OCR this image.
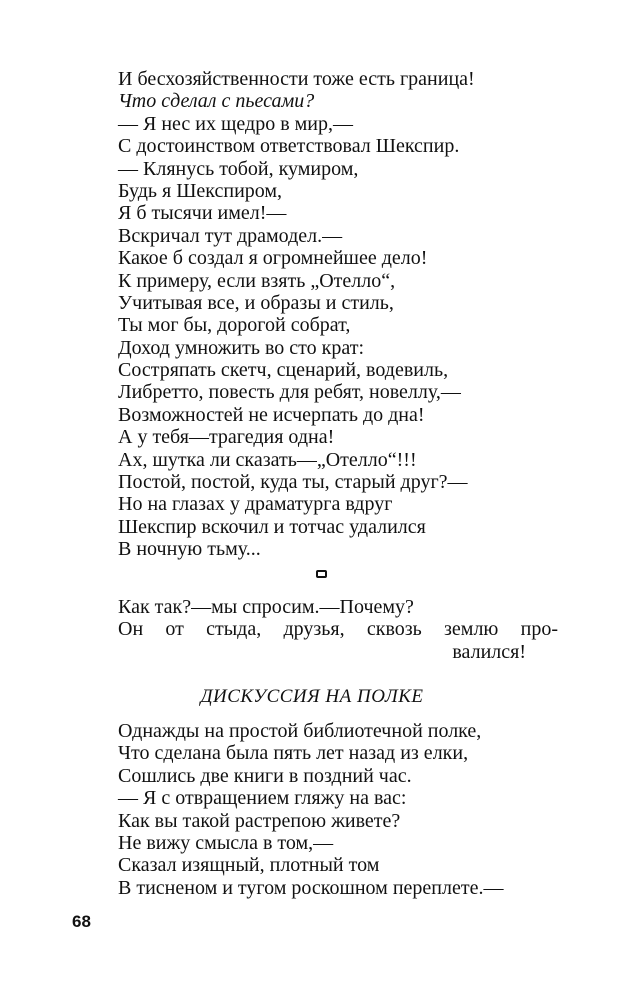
И бесхозяйственности тоже есть граница!
Что сделал с пьесами?
— Я нес их щедро в мир,—
С достоинством ответствовал Шекспир.
— Клянусь тобой, кумиром,
Будь я Шекспиром,
Я б тысячи имел!—
Вскричал тут драмодел.—
Какое б создал я огромнейшее дело!
К примеру, если взять „Отелло“,
Учитывая все, и образы и стиль,
Ты мог бы, дорогой собрат,
Доход умножить во сто крат:
Состряпать скетч, сценарий, водевиль,
Либретто, повесть для ребят, новеллу,—
Возможностей не исчерпать до дна!
А у тебя—трагедия одна!
Ах, шутка ли сказать—„Отелло“!!!
Постой, постой, куда ты, старый друг?—
Но на глазах у драматурга вдруг
Шекспир вскочил и тотчас удалился
В ночную тьму...
Как так?—мы спросим.—Почему?
Он от стыда, друзья, сквозь землю про-
валился!
ДИСКУССИЯ НА ПОЛКЕ
Однажды на простой библиотечной полке,
Что сделана была пять лет назад из елки,
Сошлись две книги в поздний час.
— Я с отвращением гляжу на вас:
Как вы такой растрепою живете?
Не вижу смысла в том,—
Сказал изящный, плотный том
В тисненом и тугом роскошном переплете.—
68
